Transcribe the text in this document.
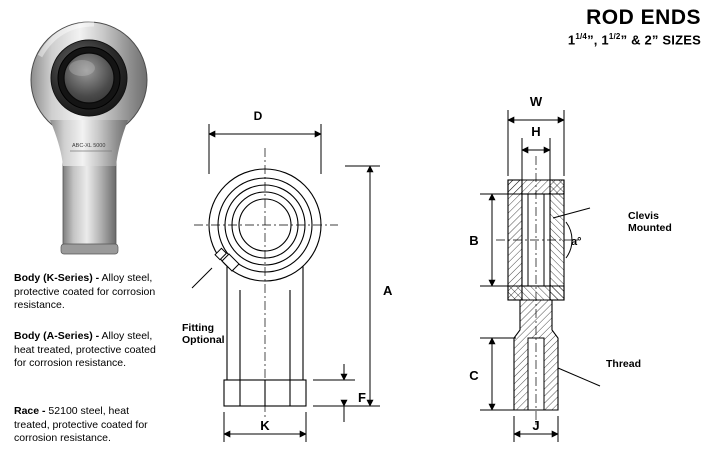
ROD ENDS
$1^{1/4}$”, $1^{1/2}$” & 2” SIZES
ABC-XL 5000
Body (K-Series) - Alloy steel, protective coated for corrosion resistance.
Body (A-Series) - Alloy steel, heat treated, protective coated for corrosion resistance.
Race - 52100 steel, heat treated, protective coated for corrosion resistance.
D
A
F
K
Fitting
Optional
a°
W
H
B
C
J
Clevis
Mounted
Thread
